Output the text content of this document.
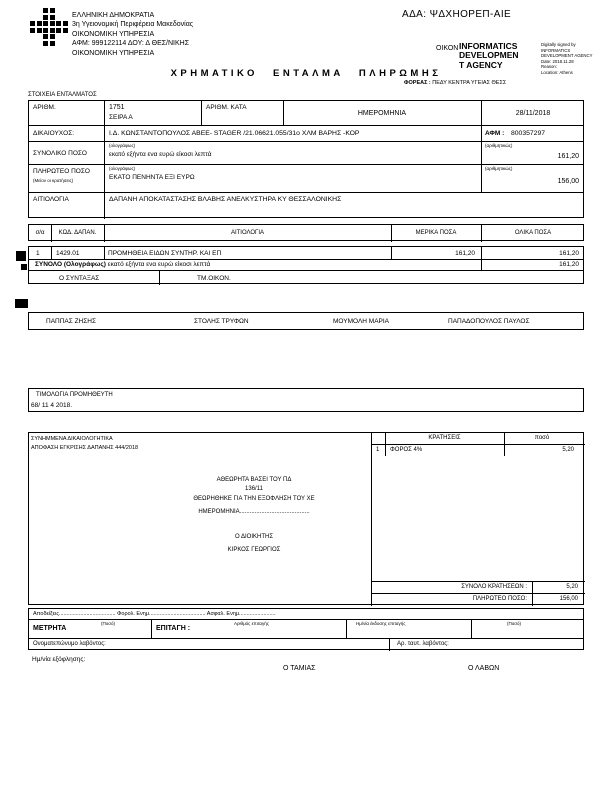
ΕΛΛΗΝΙΚΗ ΔΗΜΟΚΡΑΤΙΑ
3η Υγειονομική Περιφέρεια Μακεδονίας
ΟΙΚΟΝΟΜΙΚΗ ΥΠΗΡΕΣΙΑ
ΑΦΜ: 999122114 ΔΟΥ: Δ ΘΕΣ/ΝΙΚΗΣ
ΟΙΚΟΝΟΜΙΚΗ ΥΠΗΡΕΣΙΑ
ΑΔΑ: ΨΔΧΗΟΡΕΠ-ΑΙΕ
ΟΙΚΟΝ INFORMATICS
DEVELOPMEN
T AGENCY
Digitally signed by
INFORMATICS
DEVELOPMENT AGENCY
Date: 2018.11.28
Reason:
Location: Athens
ΧΡΗΜΑΤΙΚΟ ΕΝΤΑΛΜΑ ΠΛΗΡΩΜΗΣ
ΦΟΡΕΑΣ : ΠΕΔΥ ΚΕΝΤΡΑ ΥΓΕΙΑΣ ΘΕΣΣ
ΣΤΟΙΧΕΙΑ ΕΝΤΑΛΜΑΤΟΣ
ΑΡΙΘΜ.	1751
ΣΕΙΡΑ Α
ΑΡΙΘΜ. ΚΑΤΑ
ΗΜΕΡΟΜΗΝΙΑ	28/11/2018
ΔΙΚΑΙΟΥΧΟΣ:	Ι.Δ. ΚΩΝΣΤΑΝΤΟΠΟΥΛΟΣ ΑΒΕΕ- STAGER /21.06621.055/31ο ΧΛΜ ΒΑΡΗΣ -ΚΟΡ	ΑΦΜ : 800357297
ΣΥΝΟΛΙΚΟ ΠΟΣΟ
(ολογράφως)
εκατό εξήντα ενα ευρώ είκοσι λεπτά
(αριθμητικώς)
161,20
ΠΛΗΡΩΤΕΟ ΠΟΣΟ
(Μείον οι κρατήσεις)
(ολογράφως)
ΕΚΑΤΟ ΠΕΝΗΝΤΑ ΕΞΙ ΕΥΡΩ
(αριθμητικώς)
156,00
ΑΙΤΙΟΛΟΓΙΑ	ΔΑΠΑΝΗ ΑΠΟΚΑΤΑΣΤΑΣΗΣ ΒΛΑΒΗΣ ΑΝΕΛΚΥΣΤΗΡΑ ΚΥ ΘΕΣΣΑΛΟΝΙΚΗΣ
σ/α	ΚΩΔ. ΔΑΠΑΝ.	ΑΙΤΙΟΛΟΓΙΑ	ΜΕΡΙΚΑ ΠΟΣΑ	ΟΛΙΚΑ ΠΟΣΑ
1	1429.01	ΠΡΟΜΗΘΕΙΑ ΕΙΔΩΝ ΣΥΝΤΗΡ. ΚΑΙ ΕΠ	161,20	161,20
ΣΥΝΟΛΟ (Ολογράφως) εκατό εξήντα ενα ευρώ είκοσι λεπτά	161,20
Ο ΣΥΝΤΑΞΑΣ	ΤΜ.ΟΙΚΟΝ.
ΠΑΠΠΑΣ ΖΗΣΗΣ	ΣΤΟΛΗΣ ΤΡΥΦΩΝ	ΜΟΥΜΟΛΗ ΜΑΡΙΑ	ΠΑΠΑΔΟΠΟΥΛΟΣ ΠΑΥΛΟΣ
ΤΙΜΟΛΟΓΙΑ ΠΡΟΜΗΘΕΥΤΗ
68/ 11 4 2018.
ΣΥΝΗΜΜΕΝΑ ΔΙΚΑΙΟΛΟΓΗΤΙΚΑ
ΑΠΟΦΑΣΗ ΕΓΚΡΙΣΗΣ ΔΑΠΑΝΗΣ 444/2018
ΚΡΑΤΗΣΕΙΣ	ποσό
1 ΦΟΡΟΣ 4%	5,20
ΣΥΝΟΛΟ ΚΡΑΤΗΣΕΩΝ :	5,20
ΠΛΗΡΩΤΕΟ ΠΟΣΟ:	156,00
ΑΘΕΩΡΗΤΑ ΒΑΣΕΙ ΤΟΥ ΠΔ
136/11
ΘΕΩΡΗΘΗΚΕ ΓΙΑ ΤΗΝ ΕΞΟΦΛΗΣΗ ΤΟΥ ΧΕ
ΗΜΕΡΟΜΗΝΙΑ..........................................
Ο ΔΙΟΙΚΗΤΗΣ
ΚΙΡΚΟΣ ΓΕΩΡΓΙΟΣ
Αποδείξεις..................................... Φορολ. Ενημ..................................... Ασφαλ. Ενημ........................
ΜΕΤΡΗΤΑ
(Ποσό)
ΕΠΙΤΑΓΗ :
Αριθμός επιταγής	Ημ/νία έκδοσης επιταγής	(Ποσό)
Ονοματεπώνυμο λαβόντος:	Αρ. ταυτ. λαβόντος:
Ημ/νία εξόφλησης:
Ο ΤΑΜΙΑΣ	Ο ΛΑΒΩΝ
